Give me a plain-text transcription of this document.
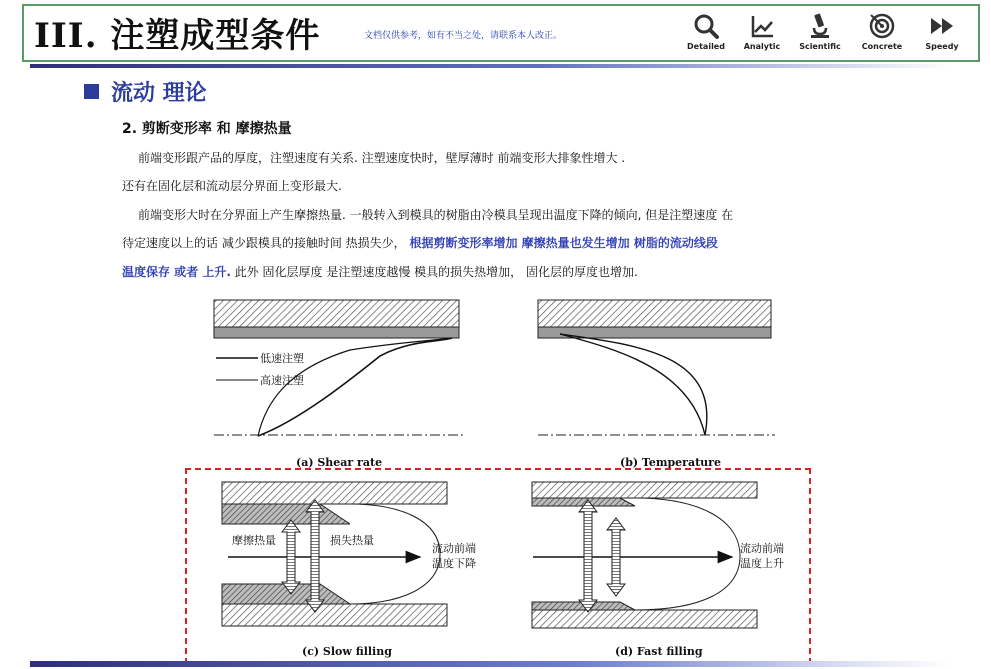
III. 注塑成型条件	文档仅供参考，如有不当之处，请联系本人改正。
Detailed	Analytic	Scientific	Concrete	Speedy
流动 理论
2. 剪断变形率 和 摩擦热量
前端变形跟产品的厚度，注塑速度有关系. 注塑速度快时，壁厚薄时 前端变形大排象性增大 .
还有在固化层和流动层分界面上变形最大.
前端变形大时在分界面上产生摩擦热量. 一般转入到模具的树脂由冷模具呈现出温度下降的倾向, 但是注塑速度 在
待定速度以上的话 减少跟模具的接触时间 热损失少， 根据剪断变形率增加 摩擦热量也发生增加 树脂的流动线段
温度保存 或者 上升. 此外 固化层厚度 是注塑速度越慢 模具的损失热增加， 固化层的厚度也增加.
低速注塑
高速注塑
(a) Shear rate	(b) Temperature
摩擦热量	损失热量
流动前端
温度下降
(c) Slow filling
流动前端
温度上升
(d) Fast filling
